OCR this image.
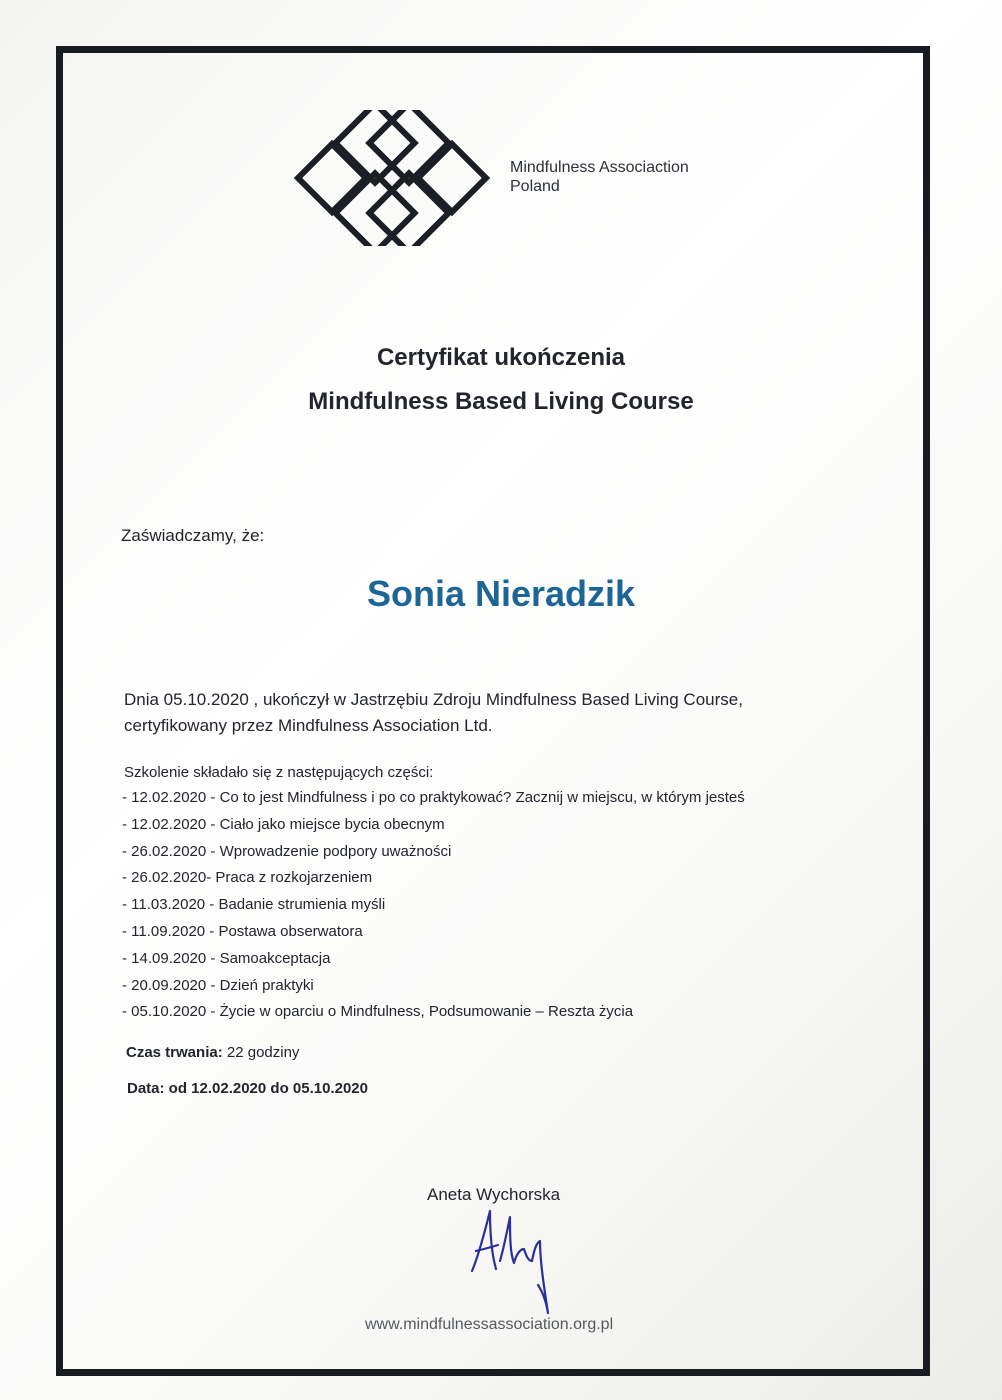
Mindfulness Associaction
Poland
Certyfikat ukończenia
Mindfulness Based Living Course
Zaświadczamy, że:
Sonia Nieradzik
Dnia 05.10.2020 , ukończył w Jastrzębiu Zdroju Mindfulness Based Living Course,
certyfikowany przez Mindfulness Association Ltd.
Szkolenie składało się z następujących części:
- 12.02.2020 - Co to jest Mindfulness i po co praktykować? Zacznij w miejscu, w którym jesteś
- 12.02.2020 - Ciało jako miejsce bycia obecnym
- 26.02.2020 - Wprowadzenie podpory uważności
- 26.02.2020- Praca z rozkojarzeniem
- 11.03.2020 - Badanie strumienia myśli
- 11.09.2020 - Postawa obserwatora
- 14.09.2020 - Samoakceptacja
- 20.09.2020 - Dzień praktyki
- 05.10.2020 - Życie w oparciu o Mindfulness, Podsumowanie – Reszta życia
Czas trwania: 22 godziny
Data: od 12.02.2020 do 05.10.2020
Aneta Wychorska
www.mindfulnessassociation.org.pl
